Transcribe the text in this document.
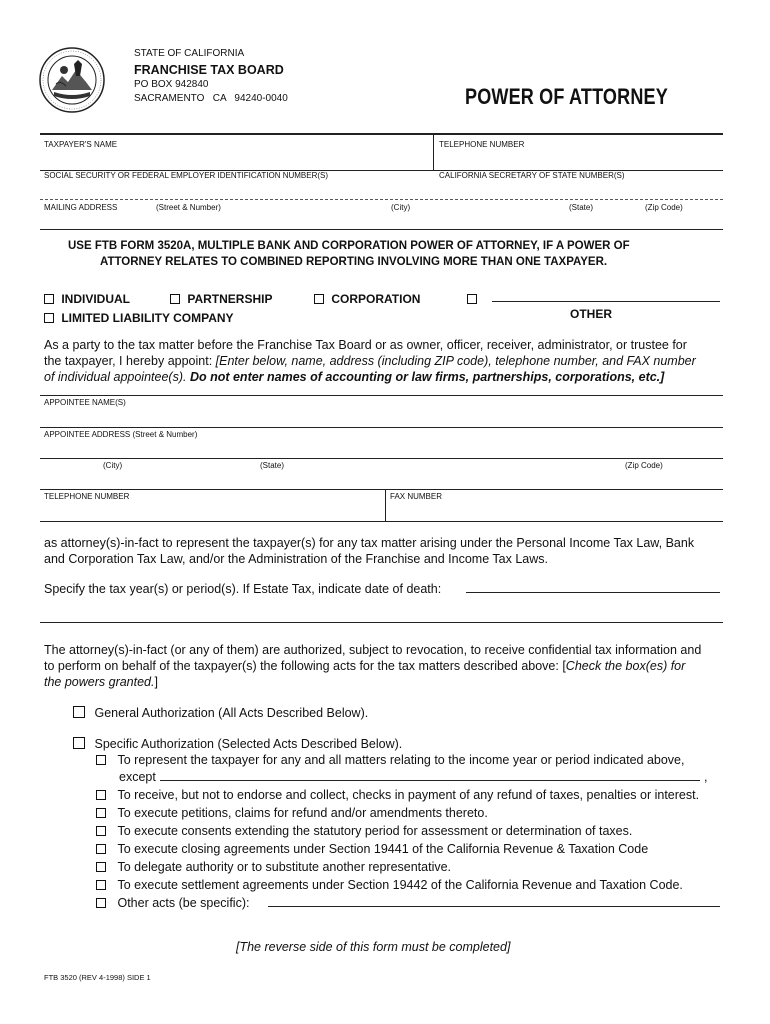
STATE OF CALIFORNIA
FRANCHISE TAX BOARD
PO BOX 942840
SACRAMENTO   CA   94240-0040	POWER OF ATTORNEY
TAXPAYER'S NAME	TELEPHONE NUMBER
SOCIAL SECURITY OR FEDERAL EMPLOYER IDENTIFICATION NUMBER(S)	CALIFORNIA SECRETARY OF STATE NUMBER(S)
MAILING ADDRESS	(Street & Number)	(City)	(State)	(Zip Code)
USE FTB FORM 3520A, MULTIPLE BANK AND CORPORATION POWER OF ATTORNEY, IF A POWER OF
ATTORNEY RELATES TO COMBINED REPORTING INVOLVING MORE THAN ONE TAXPAYER.
INDIVIDUAL	PARTNERSHIP	CORPORATION
LIMITED LIABILITY COMPANY	OTHER
As a party to the tax matter before the Franchise Tax Board or as owner, officer, receiver, administrator, or trustee for
the taxpayer, I hereby appoint: [Enter below, name, address (including ZIP code), telephone number, and FAX number
of individual appointee(s). Do not enter names of accounting or law firms, partnerships, corporations, etc.]
APPOINTEE NAME(S)
APPOINTEE ADDRESS (Street & Number)
(City)	(State)	(Zip Code)
TELEPHONE NUMBER	FAX NUMBER
as attorney(s)-in-fact to represent the taxpayer(s) for any tax matter arising under the Personal Income Tax Law, Bank
and Corporation Tax Law, and/or the Administration of the Franchise and Income Tax Laws.
Specify the tax year(s) or period(s). If Estate Tax, indicate date of death:
The attorney(s)-in-fact (or any of them) are authorized, subject to revocation, to receive confidential tax information and
to perform on behalf of the taxpayer(s) the following acts for the tax matters described above: [Check the box(es) for
the powers granted.]
General Authorization (All Acts Described Below).
Specific Authorization (Selected Acts Described Below).
To represent the taxpayer for any and all matters relating to the income year or period indicated above,
except	,
To receive, but not to endorse and collect, checks in payment of any refund of taxes, penalties or interest.
To execute petitions, claims for refund and/or amendments thereto.
To execute consents extending the statutory period for assessment or determination of taxes.
To execute closing agreements under Section 19441 of the California Revenue & Taxation Code
To delegate authority or to substitute another representative.
To execute settlement agreements under Section 19442 of the California Revenue and Taxation Code.
Other acts (be specific):
[The reverse side of this form must be completed]
FTB 3520 (REV 4-1998) SIDE 1
